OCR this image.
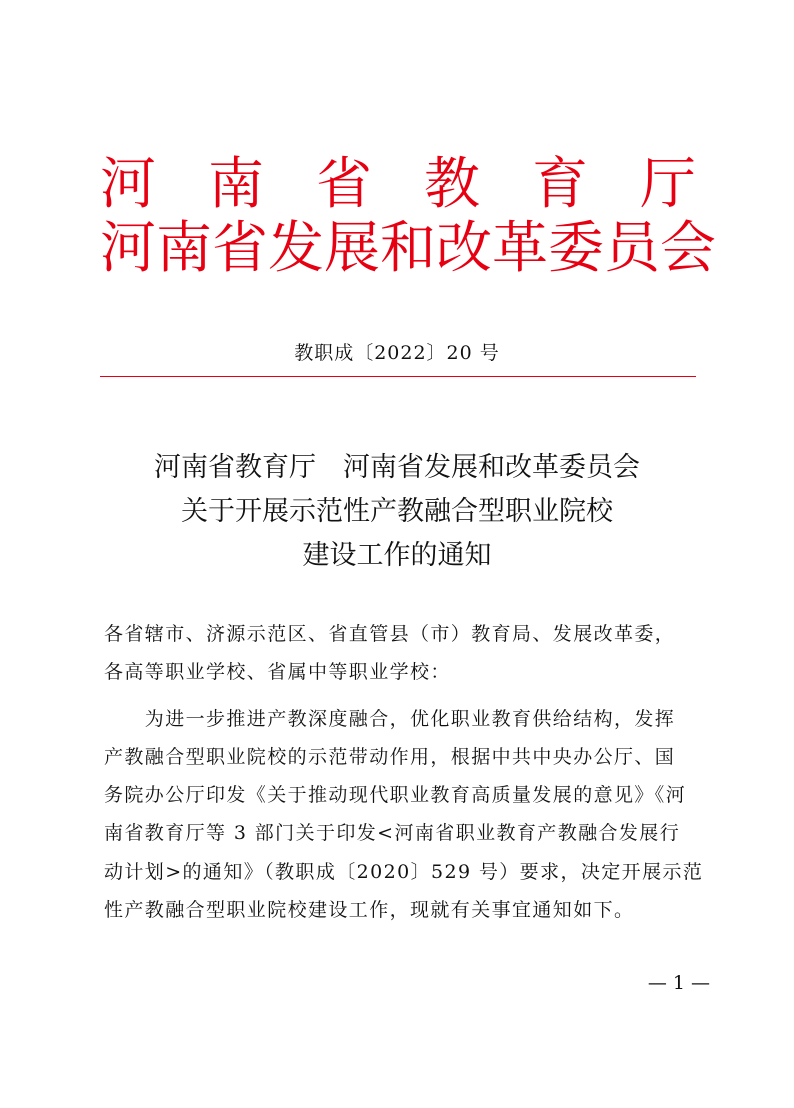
河 南 省 教 育 厅
河 南 省 发 展 和 改 革 委 员 会
教职成〔2022〕20 号
河南省教育厅　河南省发展和改革委员会
关于开展示范性产教融合型职业院校
建设工作的通知
各省辖市、济源示范区、省直管县（市）教育局、发展改革委，
各高等职业学校、省属中等职业学校：
　　为进一步推进产教深度融合，优化职业教育供给结构，发挥
产教融合型职业院校的示范带动作用，根据中共中央办公厅、国
务院办公厅印发《关于推动现代职业教育高质量发展的意见》《河
南省教育厅等 3 部门关于印发<河南省职业教育产教融合发展行
动计划>的通知》（教职成〔2020〕529 号）要求，决定开展示范
性产教融合型职业院校建设工作，现就有关事宜通知如下。
— 1 —
